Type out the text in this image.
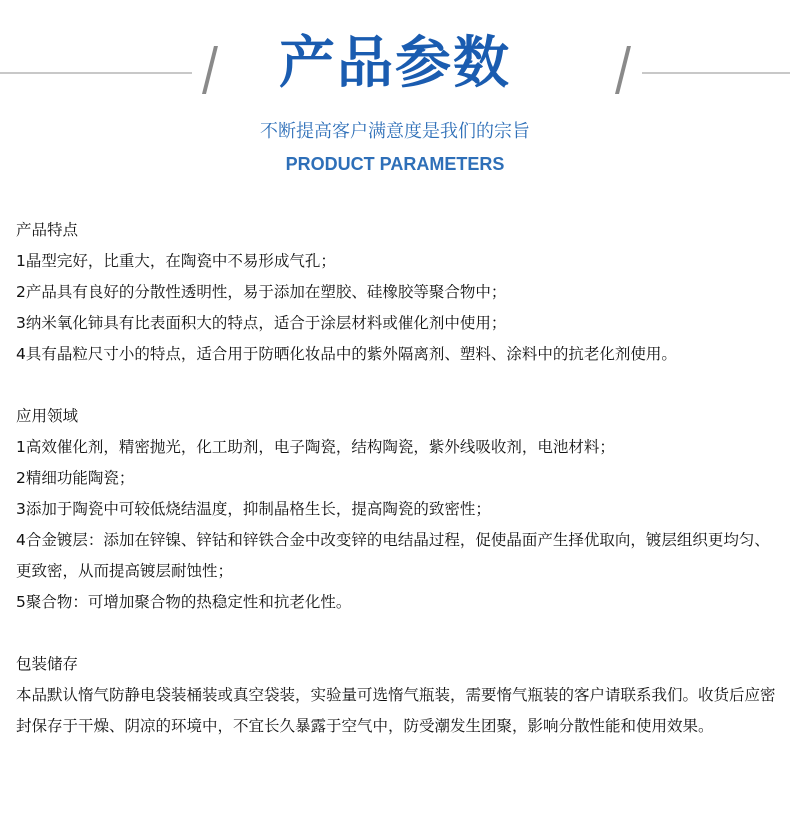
产品参数
不断提高客户满意度是我们的宗旨
PRODUCT PARAMETERS
产品特点
1晶型完好，比重大，在陶瓷中不易形成气孔；
2产品具有良好的分散性透明性，易于添加在塑胶、硅橡胶等聚合物中；
3纳米氧化铈具有比表面积大的特点，适合于涂层材料或催化剂中使用；
4具有晶粒尺寸小的特点，适合用于防晒化妆品中的紫外隔离剂、塑料、涂料中的抗老化剂使用。
应用领域
1高效催化剂，精密抛光，化工助剂，电子陶瓷，结构陶瓷，紫外线吸收剂，电池材料；
2精细功能陶瓷；
3添加于陶瓷中可较低烧结温度，抑制晶格生长，提高陶瓷的致密性；
4合金镀层：添加在锌镍、锌钴和锌铁合金中改变锌的电结晶过程，促使晶面产生择优取向，镀层组织更均匀、更致密，从而提高镀层耐蚀性；
5聚合物：可增加聚合物的热稳定性和抗老化性。
包装储存
本品默认惰气防静电袋装桶装或真空袋装，实验量可选惰气瓶装，需要惰气瓶装的客户请联系我们。收货后应密封保存于干燥、阴凉的环境中，不宜长久暴露于空气中，防受潮发生团聚，影响分散性能和使用效果。
